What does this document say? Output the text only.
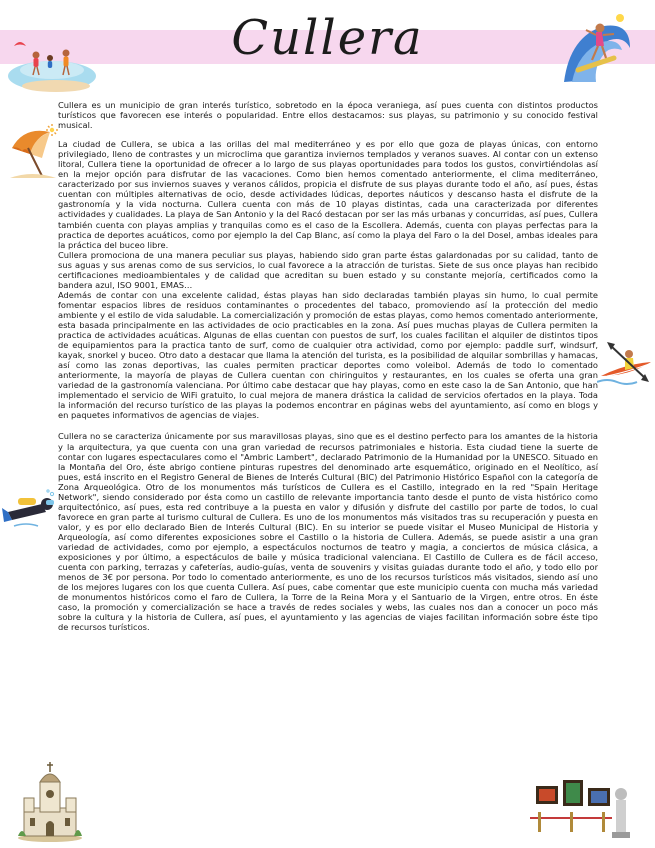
Cullera

Cullera es un municipio de gran interés turístico, sobretodo en la época veraniega, así pues cuenta con distintos productos turísticos que favorecen ese interés o popularidad. Entre ellos destacamos: sus playas, su patrimonio y su conocido festival musical.

La ciudad de Cullera, se ubica a las orillas del mal mediterráneo y es por ello que goza de playas únicas, con entorno privilegiado, lleno de contrastes y un microclima que garantiza inviernos templados y veranos suaves. Al contar con un extenso litoral, Cullera tiene la oportunidad de ofrecer a lo largo de sus playas oportunidades para todos los gustos, convirtiéndolas así en la mejor opción para disfrutar de las vacaciones. Como bien hemos comentado anteriormente, el clima mediterráneo, caracterizado por sus inviernos suaves y veranos cálidos, propicia el disfrute de sus playas durante todo el año, así pues, éstas cuentan con múltiples alternativas de ocio, desde actividades lúdicas, deportes náuticos y descanso hasta el disfrute de la gastronomía y la vida nocturna. Cullera cuenta con más de 10 playas distintas, cada una caracterizada por diferentes actividades y cualidades. La playa de San Antonio y la del Racó destacan por ser las más urbanas y concurridas, así pues, Cullera también cuenta con playas amplias y tranquilas como es el caso de la Escollera. Además, cuenta con playas perfectas para la practica de deportes acuáticos, como por ejemplo la del Cap Blanc, así como la playa del Faro o la del Dosel, ambas ideales para la práctica del buceo libre.

Cullera promociona de una manera peculiar sus playas, habiendo sido gran parte éstas galardonadas por su calidad, tanto de sus aguas y sus arenas como de sus servicios, lo cual favorece a la atracción de turistas. Siete de sus once playas han recibido certificaciones medioambientales y de calidad que acreditan su buen estado y su constante mejoría, certificados como la bandera azul, ISO 9001, EMAS…

Además de contar con una excelente calidad, éstas playas han sido declaradas también playas sin humo, lo cual permite fomentar espacios libres de residuos contaminantes o procedentes del tabaco, promoviendo así la protección del medio ambiente y el estilo de vida saludable. La comercialización y promoción de estas playas, como hemos comentado anteriormente, esta basada principalmente en las actividades de ocio practicables en la zona. Así pues muchas playas de Cullera permiten la practica de actividades acuáticas. Algunas de ellas cuentan con puestos de surf, los cuales facilitan el alquiler de distintos tipos de equipamientos para la practica tanto de surf, como de cualquier otra actividad, como por ejemplo: paddle surf, windsurf, kayak, snorkel y buceo. Otro dato a destacar que llama la atención del turista, es la posibilidad de alquilar sombrillas y hamacas, así como las zonas deportivas, las cuales permiten practicar deportes como voleibol. Además de todo lo comentado anteriormente, la mayoría de playas de Cullera cuentan con chiringuitos y restaurantes, en los cuales se oferta una gran variedad de la gastronomía valenciana. Por último cabe destacar que hay playas, como en este caso la de San Antonio, que han implementado el servicio de WiFi gratuito, lo cual mejora de manera drástica la calidad de servicios ofertados en la playa. Toda la información del recurso turístico de las playas la podemos encontrar en páginas webs del ayuntamiento, así como en blogs y en paquetes informativos de agencias de viajes.

Cullera no se caracteriza únicamente por sus maravillosas playas, sino que es el destino perfecto para los amantes de la historia y la arquitectura, ya que cuenta con una gran variedad de recursos patrimoniales e historia. Esta ciudad tiene la suerte de contar con lugares espectaculares como el "Ambric Lambert", declarado Patrimonio de la Humanidad por la UNESCO. Situado en la Montaña del Oro, éste abrigo contiene pinturas rupestres del denominado arte esquemático, originado en el Neolítico, así pues, está inscrito en el Registro General de Bienes de Interés Cultural (BIC) del Patrimonio Histórico Español con la categoría de Zona Arqueológica. Otro de los monumentos más turísticos de Cullera es el Castillo, integrado en la red "Spain Heritage Network", siendo considerado por ésta como un castillo de relevante importancia tanto desde el punto de vista histórico como arquitectónico, así pues, esta red contribuye a la puesta en valor y difusión y disfrute del castillo por parte de todos, lo cual favorece en gran parte al turismo cultural de Cullera. Es uno de los monumentos más visitados tras su recuperación y puesta en valor, y es por ello declarado Bien de Interés Cultural (BIC). En su interior se puede visitar el Museo Municipal de Historia y Arqueología, así como diferentes exposiciones sobre el Castillo o la historia de Cullera. Además, se puede asistir a una gran variedad de actividades, como por ejemplo, a espectáculos nocturnos de teatro y magia, a conciertos de música clásica, a exposiciones y por último, a espectáculos de baile y música tradicional valenciana. El Castillo de Cullera es de fácil acceso, cuenta con parking, terrazas y cafeterías, audio-guías, venta de souvenirs y visitas guiadas durante todo el año, y todo ello por menos de 3€ por persona. Por todo lo comentado anteriormente, es uno de los recursos turísticos más visitados, siendo así uno de los mejores lugares con los que cuenta Cullera. Así pues, cabe comentar que este municipio cuenta con mucha más variedad de monumentos históricos como el faro de Cullera, la Torre de la Reina Mora y el Santuario de la Virgen, entre otros. En éste caso, la promoción y comercialización se hace a través de redes sociales y webs, las cuales nos dan a conocer un poco más sobre la cultura y la historia de Cullera, así pues, el ayuntamiento y las agencias de viajes facilitan información sobre éste tipo de recursos turísticos.
